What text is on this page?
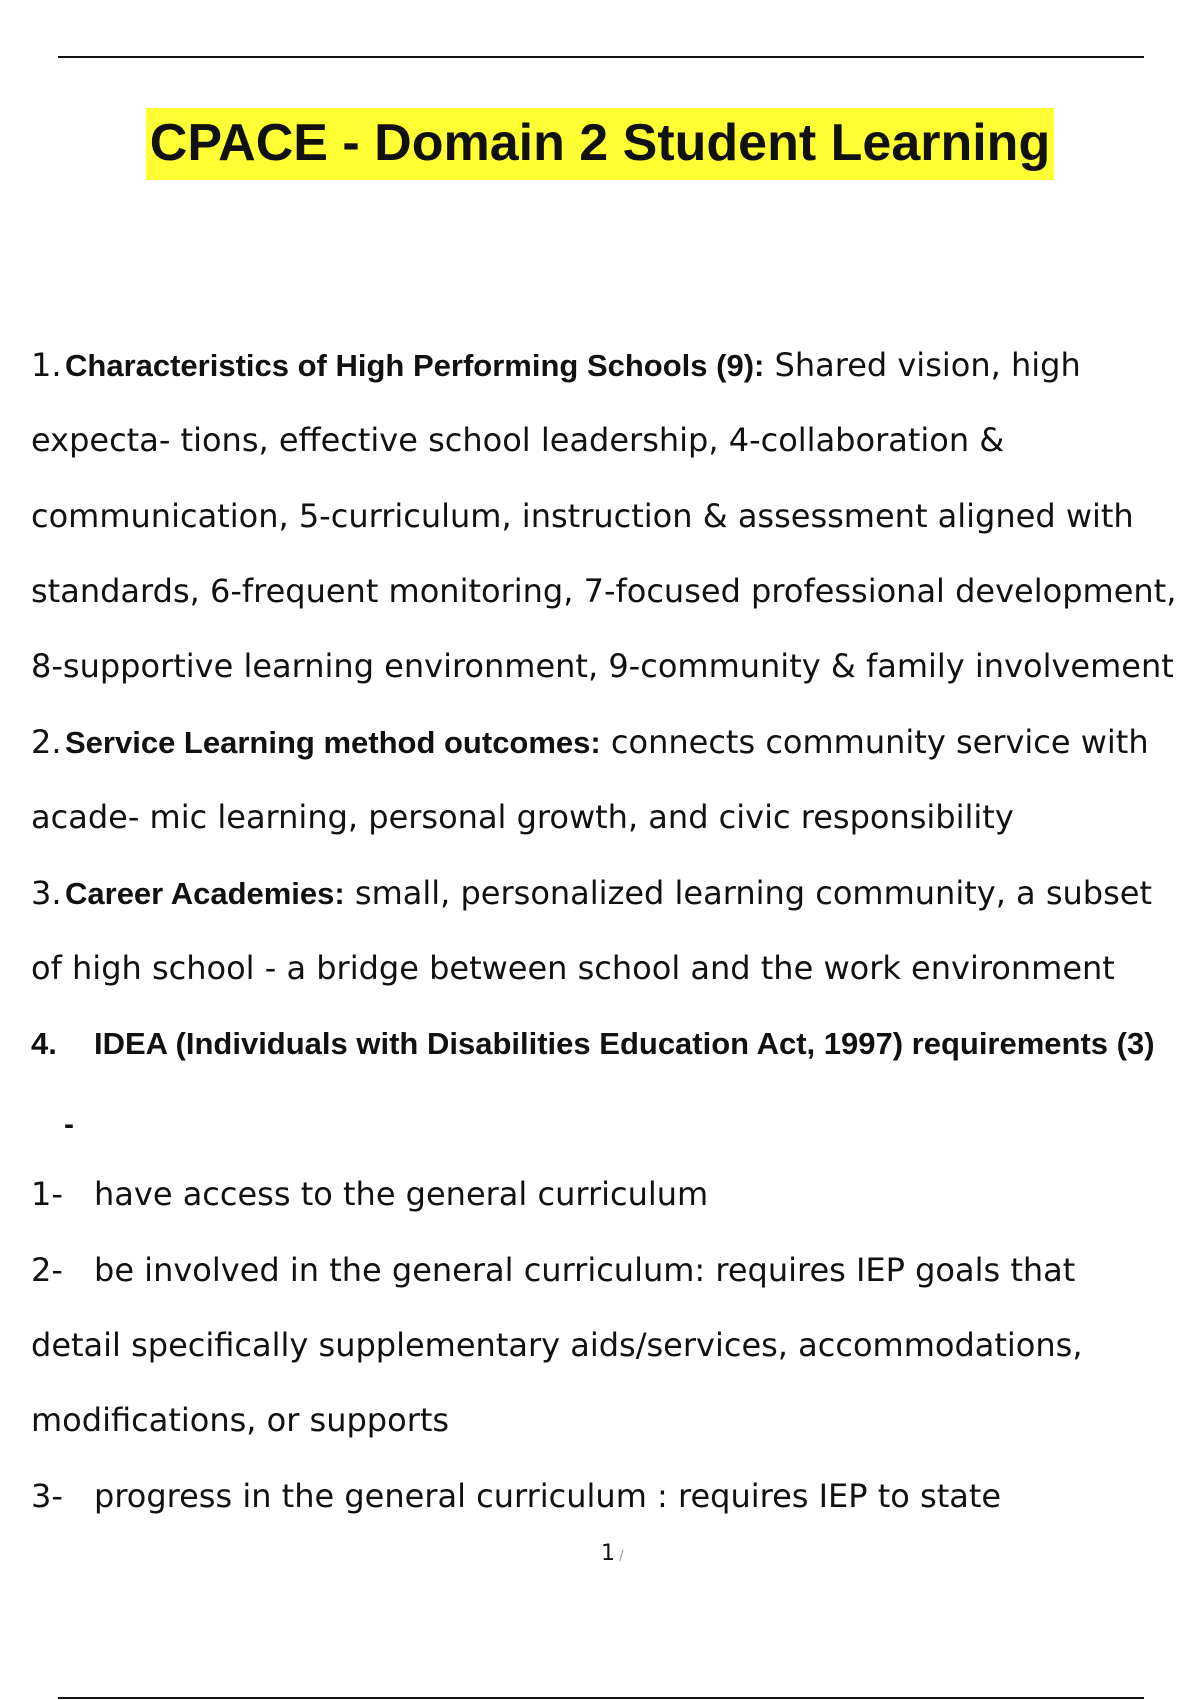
CPACE - Domain 2 Student Learning
1. Characteristics of High Performing Schools (9): Shared vision, high
expecta- tions, effective school leadership, 4-collaboration &
communication, 5-curriculum, instruction & assessment aligned with
standards, 6-frequent monitoring, 7-focused professional development,
8-supportive learning environment, 9-community & family involvement
2. Service Learning method outcomes: connects community service with
acade- mic learning, personal growth, and civic responsibility
3. Career Academies: small, personalized learning community, a subset
of high school - a bridge between school and the work environment
4. IDEA (Individuals with Disabilities Education Act, 1997) requirements (3)
-
1- have access to the general curriculum
2- be involved in the general curriculum: requires IEP goals that
detail specifically supplementary aids/services, accommodations,
modifications, or supports
3- progress in the general curriculum : requires IEP to state
1 /
